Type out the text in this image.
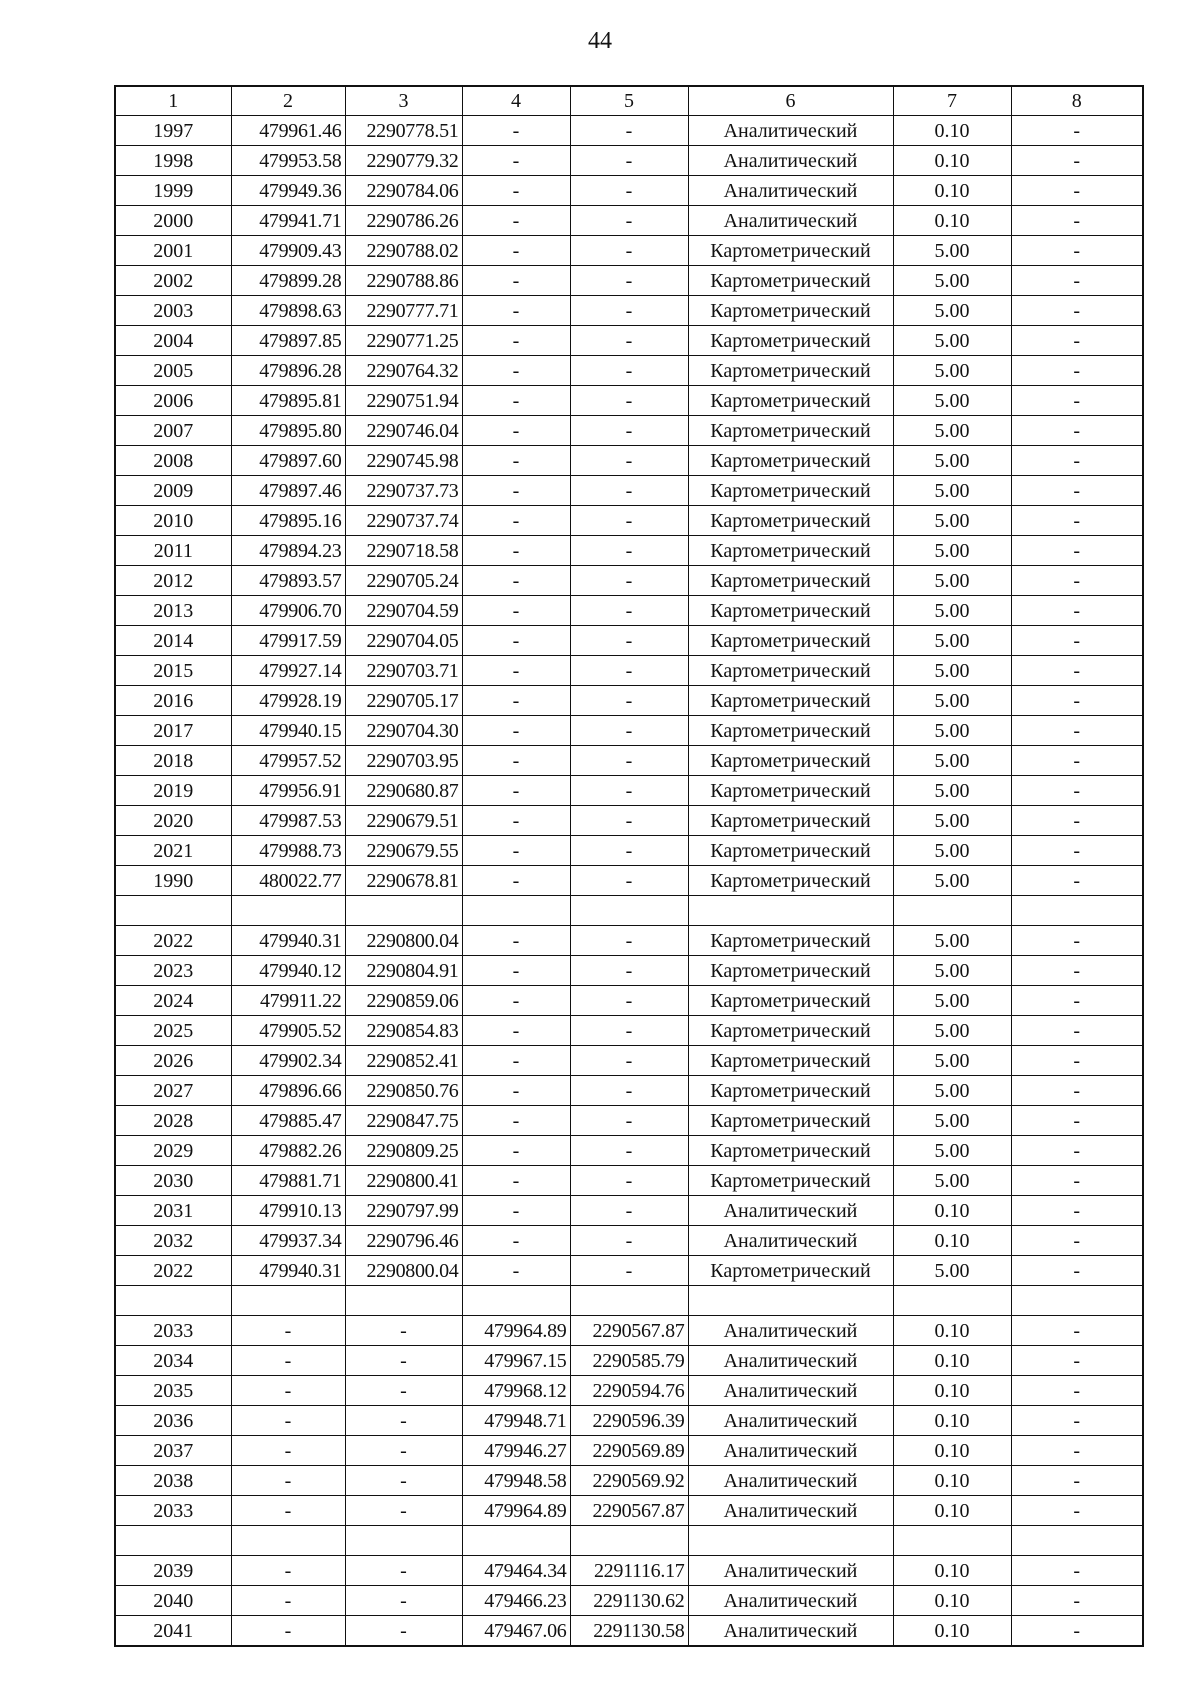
44
1	2	3	4	5	6	7	8
1997	479961.46	2290778.51	-	-	Аналитический	0.10	-
1998	479953.58	2290779.32	-	-	Аналитический	0.10	-
1999	479949.36	2290784.06	-	-	Аналитический	0.10	-
2000	479941.71	2290786.26	-	-	Аналитический	0.10	-
2001	479909.43	2290788.02	-	-	Картометрический	5.00	-
2002	479899.28	2290788.86	-	-	Картометрический	5.00	-
2003	479898.63	2290777.71	-	-	Картометрический	5.00	-
2004	479897.85	2290771.25	-	-	Картометрический	5.00	-
2005	479896.28	2290764.32	-	-	Картометрический	5.00	-
2006	479895.81	2290751.94	-	-	Картометрический	5.00	-
2007	479895.80	2290746.04	-	-	Картометрический	5.00	-
2008	479897.60	2290745.98	-	-	Картометрический	5.00	-
2009	479897.46	2290737.73	-	-	Картометрический	5.00	-
2010	479895.16	2290737.74	-	-	Картометрический	5.00	-
2011	479894.23	2290718.58	-	-	Картометрический	5.00	-
2012	479893.57	2290705.24	-	-	Картометрический	5.00	-
2013	479906.70	2290704.59	-	-	Картометрический	5.00	-
2014	479917.59	2290704.05	-	-	Картометрический	5.00	-
2015	479927.14	2290703.71	-	-	Картометрический	5.00	-
2016	479928.19	2290705.17	-	-	Картометрический	5.00	-
2017	479940.15	2290704.30	-	-	Картометрический	5.00	-
2018	479957.52	2290703.95	-	-	Картометрический	5.00	-
2019	479956.91	2290680.87	-	-	Картометрический	5.00	-
2020	479987.53	2290679.51	-	-	Картометрический	5.00	-
2021	479988.73	2290679.55	-	-	Картометрический	5.00	-
1990	480022.77	2290678.81	-	-	Картометрический	5.00	-

2022	479940.31	2290800.04	-	-	Картометрический	5.00	-
2023	479940.12	2290804.91	-	-	Картометрический	5.00	-
2024	479911.22	2290859.06	-	-	Картометрический	5.00	-
2025	479905.52	2290854.83	-	-	Картометрический	5.00	-
2026	479902.34	2290852.41	-	-	Картометрический	5.00	-
2027	479896.66	2290850.76	-	-	Картометрический	5.00	-
2028	479885.47	2290847.75	-	-	Картометрический	5.00	-
2029	479882.26	2290809.25	-	-	Картометрический	5.00	-
2030	479881.71	2290800.41	-	-	Картометрический	5.00	-
2031	479910.13	2290797.99	-	-	Аналитический	0.10	-
2032	479937.34	2290796.46	-	-	Аналитический	0.10	-
2022	479940.31	2290800.04	-	-	Картометрический	5.00	-

2033	-	-	479964.89	2290567.87	Аналитический	0.10	-
2034	-	-	479967.15	2290585.79	Аналитический	0.10	-
2035	-	-	479968.12	2290594.76	Аналитический	0.10	-
2036	-	-	479948.71	2290596.39	Аналитический	0.10	-
2037	-	-	479946.27	2290569.89	Аналитический	0.10	-
2038	-	-	479948.58	2290569.92	Аналитический	0.10	-
2033	-	-	479964.89	2290567.87	Аналитический	0.10	-

2039	-	-	479464.34	2291116.17	Аналитический	0.10	-
2040	-	-	479466.23	2291130.62	Аналитический	0.10	-
2041	-	-	479467.06	2291130.58	Аналитический	0.10	-
